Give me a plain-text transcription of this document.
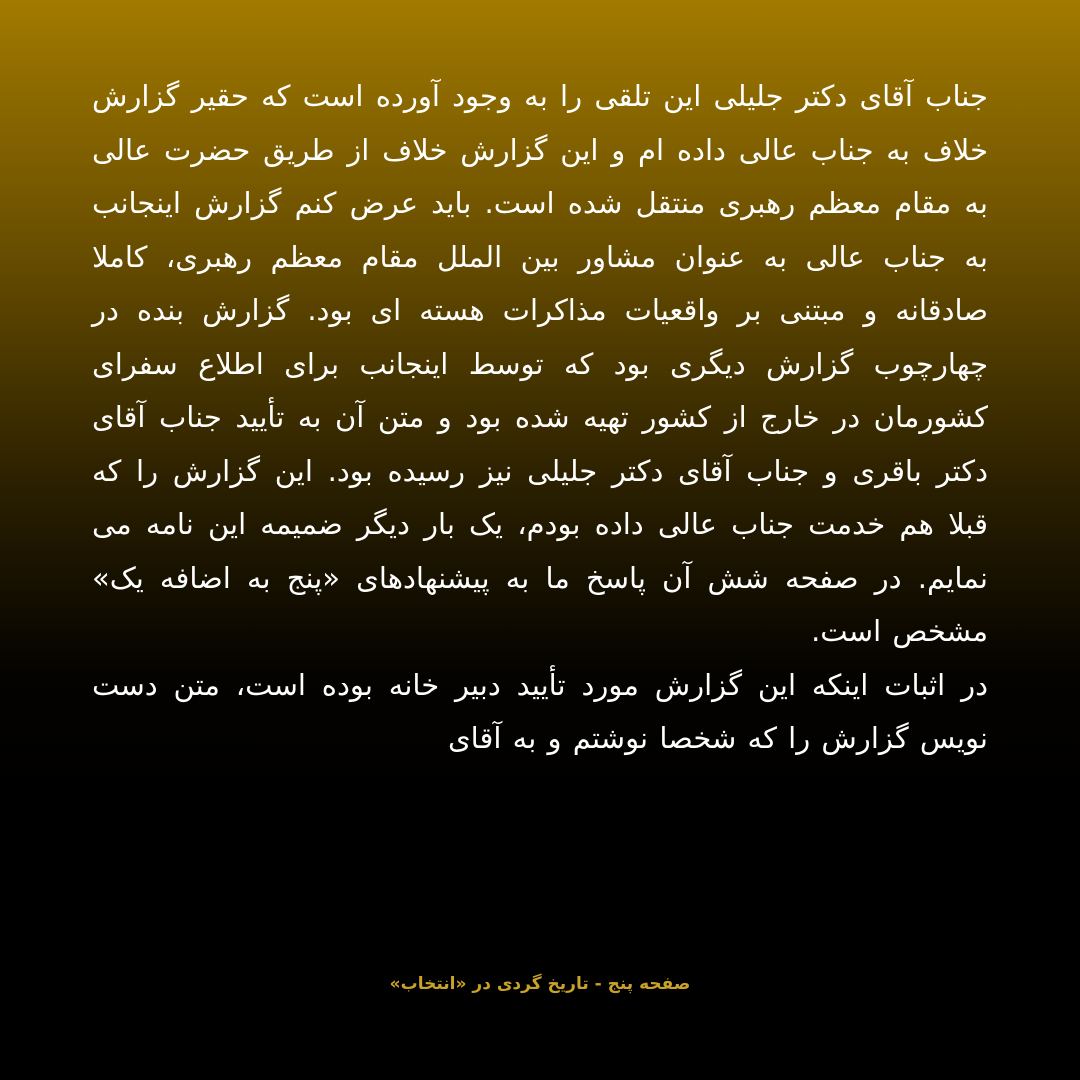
جناب آقای دکتر جلیلی این تلقی را به وجود آورده است که حقیر گزارش خلاف به جناب عالی داده ام و این گزارش خلاف از طریق حضرت عالی به مقام معظم رهبری منتقل شده است. باید عرض کنم گزارش اینجانب به جناب عالی به عنوان مشاور بین الملل مقام معظم رهبری، کاملا صادقانه و مبتنی بر واقعیات مذاکرات هسته ای بود. گزارش بنده در چهارچوب گزارش دیگری بود که توسط اینجانب برای اطلاع سفرای کشورمان در خارج از کشور تهیه شده بود و متن آن به تأیید جناب آقای دکتر باقری و جناب آقای دکتر جلیلی نیز رسیده بود. این گزارش را که قبلا هم خدمت جناب عالی داده بودم، یک بار دیگر ضمیمه این نامه می نمایم. در صفحه شش آن پاسخ ما به پیشنهادهای «پنج به اضافه یک» مشخص است.

در اثبات اینکه این گزارش مورد تأیید دبیر خانه بوده است، متن دست نویس گزارش را که شخصا نوشتم و به آقای

صفحه پنج - تاریخ گردی در «انتخاب»
